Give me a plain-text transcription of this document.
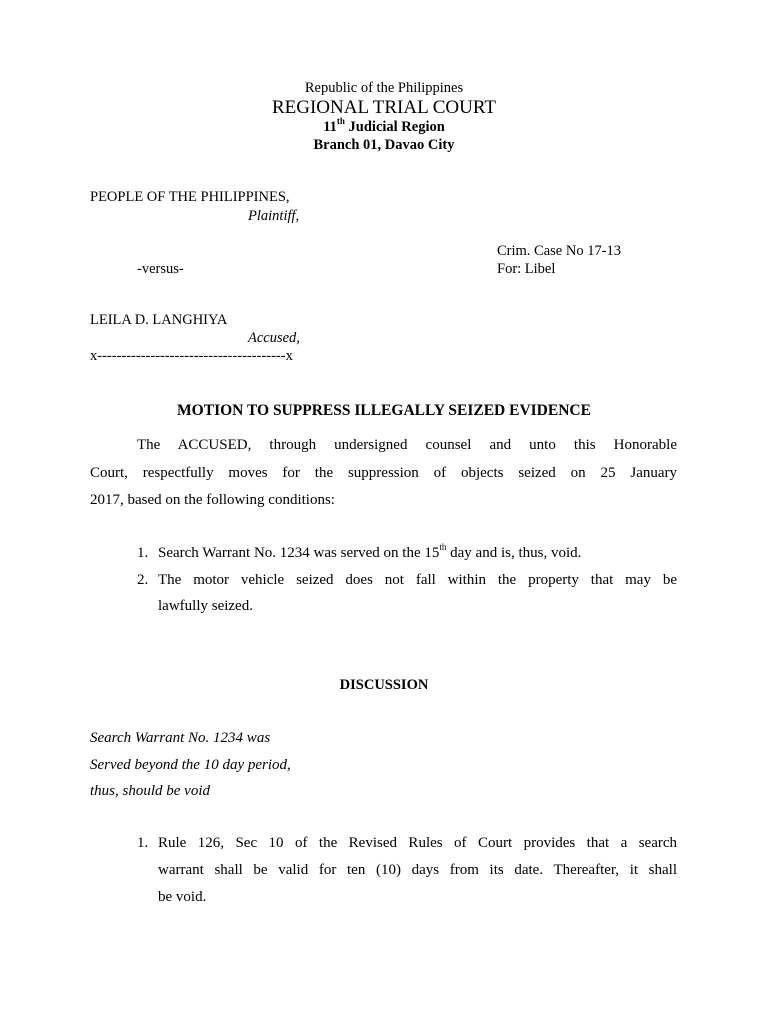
Republic of the Philippines
REGIONAL TRIAL COURT
11th Judicial Region
Branch 01, Davao City
PEOPLE OF THE PHILIPPINES,
Plaintiff,
Crim. Case No 17-13
-versus-	For: Libel
LEILA D. LANGHIYA
Accused,
x---------------------------------------x
MOTION TO SUPPRESS ILLEGALLY SEIZED EVIDENCE
The ACCUSED, through undersigned counsel and unto this Honorable
Court, respectfully moves for the suppression of objects seized on 25 January
2017, based on the following conditions:
1. Search Warrant No. 1234 was served on the 15th day and is, thus, void.
2. The motor vehicle seized does not fall within the property that may be
lawfully seized.
DISCUSSION
Search Warrant No. 1234 was
Served beyond the 10 day period,
thus, should be void
1. Rule 126, Sec 10 of the Revised Rules of Court provides that a search
warrant shall be valid for ten (10) days from its date. Thereafter, it shall
be void.
